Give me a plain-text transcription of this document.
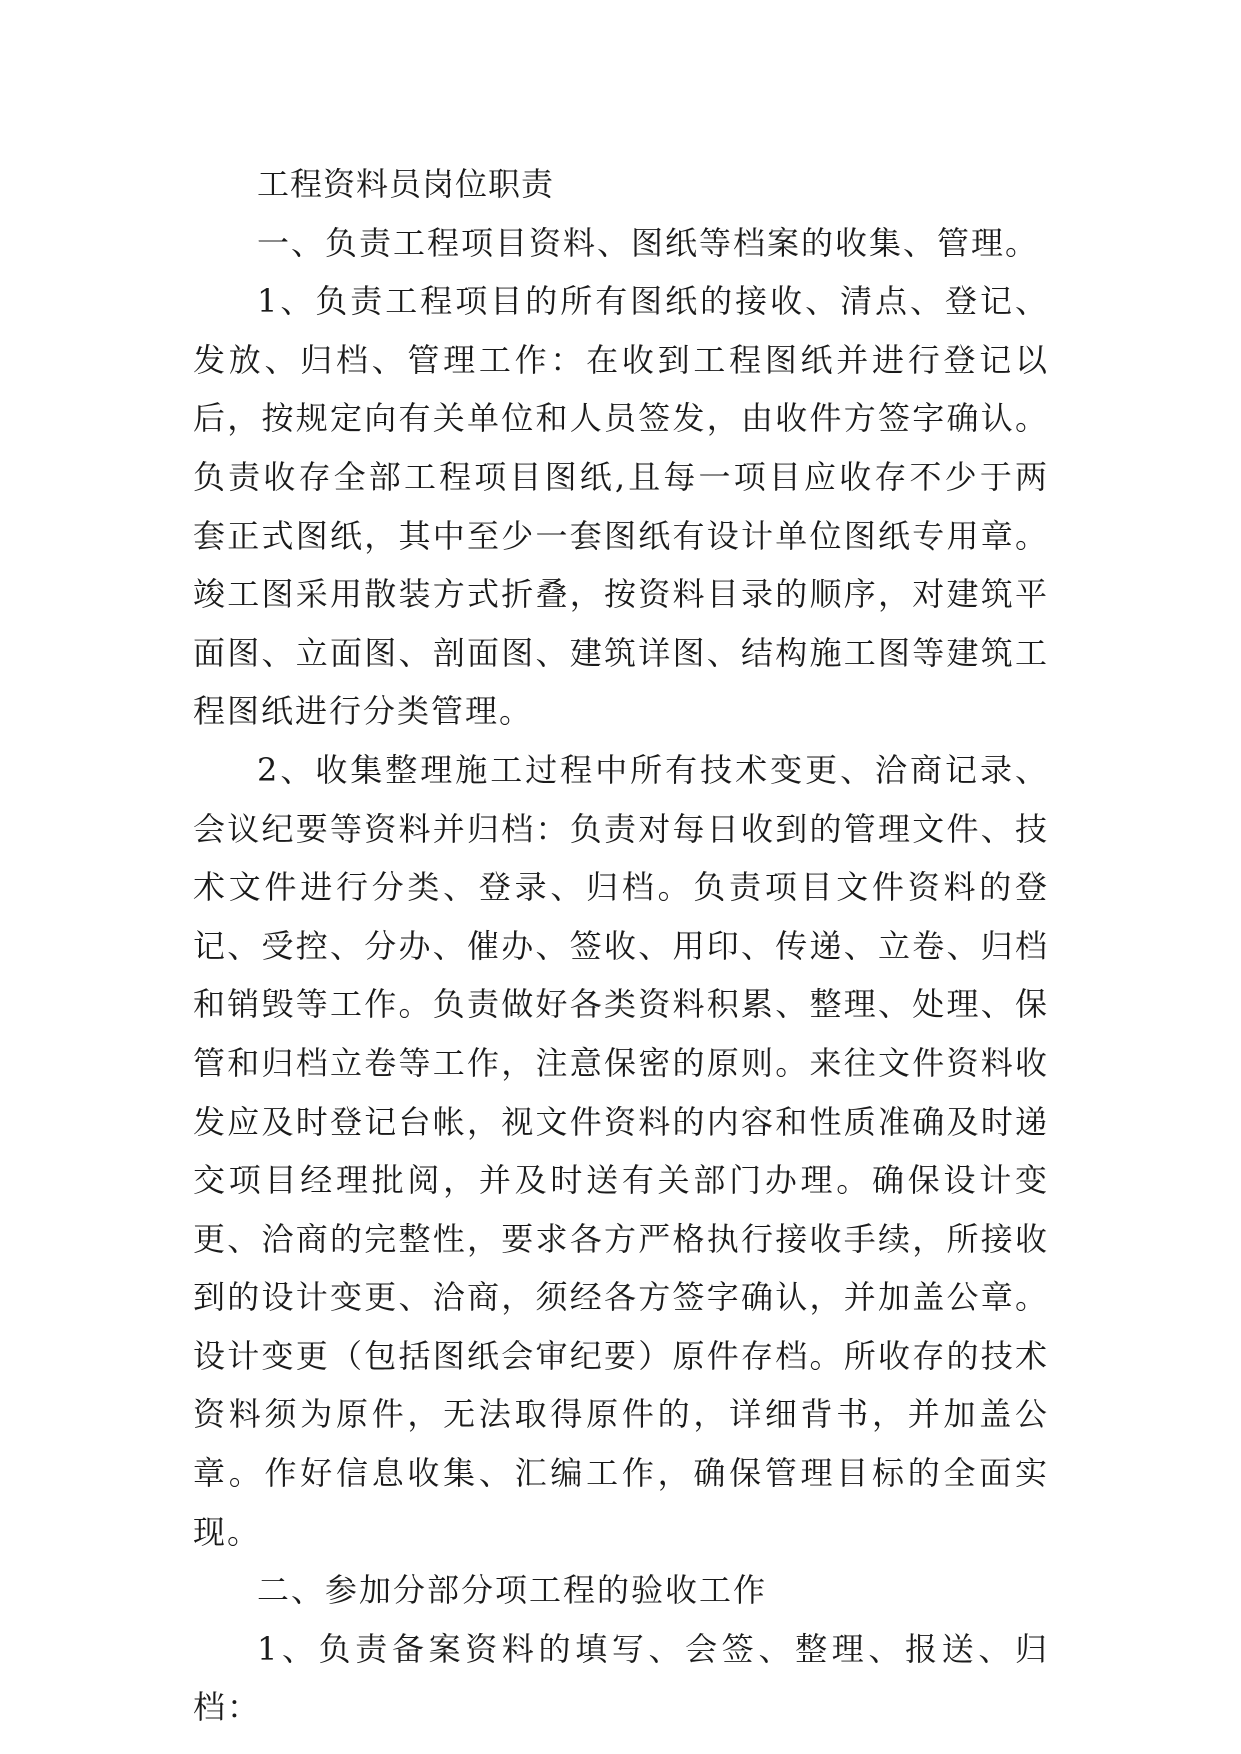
工程资料员岗位职责

一、负责工程项目资料、图纸等档案的收集、管理。

1、负责工程项目的所有图纸的接收、清点、登记、发放、归档、管理工作：在收到工程图纸并进行登记以后，按规定向有关单位和人员签发，由收件方签字确认。负责收存全部工程项目图纸,且每一项目应收存不少于两套正式图纸，其中至少一套图纸有设计单位图纸专用章。竣工图采用散装方式折叠，按资料目录的顺序，对建筑平面图、立面图、剖面图、建筑详图、结构施工图等建筑工程图纸进行分类管理。

2、收集整理施工过程中所有技术变更、洽商记录、会议纪要等资料并归档：负责对每日收到的管理文件、技术文件进行分类、登录、归档。负责项目文件资料的登记、受控、分办、催办、签收、用印、传递、立卷、归档和销毁等工作。负责做好各类资料积累、整理、处理、保管和归档立卷等工作，注意保密的原则。来往文件资料收发应及时登记台帐，视文件资料的内容和性质准确及时递交项目经理批阅，并及时送有关部门办理。确保设计变更、洽商的完整性，要求各方严格执行接收手续，所接收到的设计变更、洽商，须经各方签字确认，并加盖公章。设计变更（包括图纸会审纪要）原件存档。所收存的技术资料须为原件，无法取得原件的，详细背书，并加盖公章。作好信息收集、汇编工作，确保管理目标的全面实现。

二、参加分部分项工程的验收工作

1、负责备案资料的填写、会签、整理、报送、归档：
